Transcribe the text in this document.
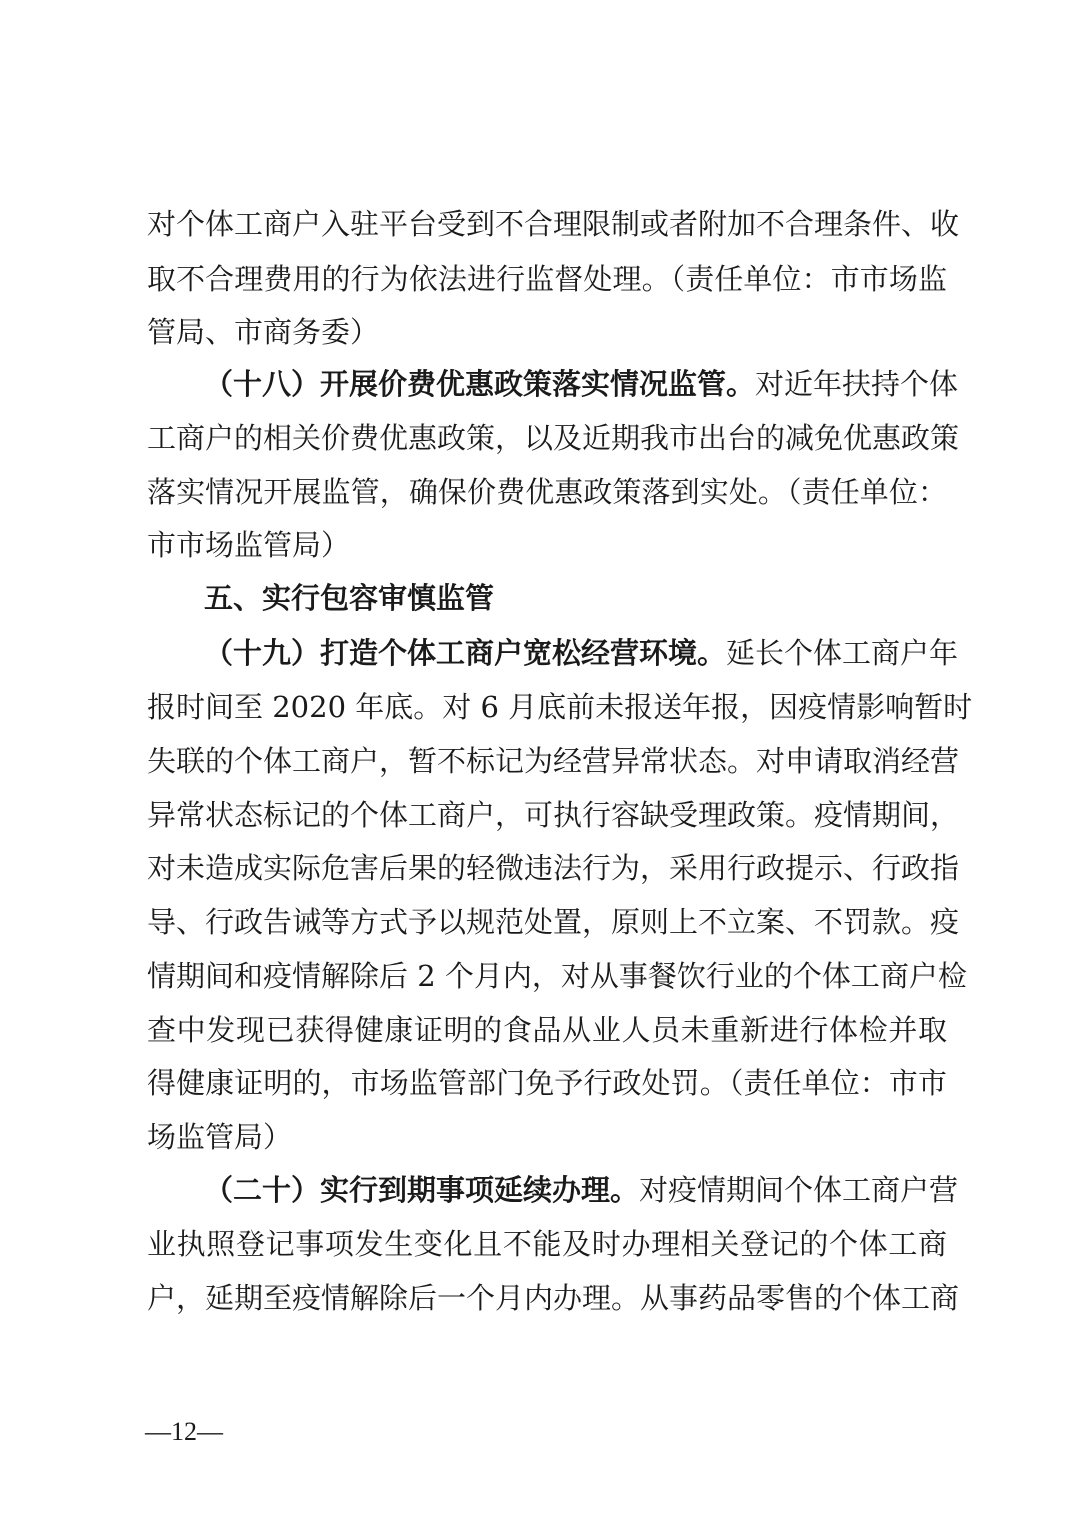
对个体工商户入驻平台受到不合理限制或者附加不合理条件、收
取不合理费用的行为依法进行监督处理。（责任单位：市市场监
管局、市商务委）
（十八）开展价费优惠政策落实情况监管。对近年扶持个体
工商户的相关价费优惠政策，以及近期我市出台的减免优惠政策
落实情况开展监管，确保价费优惠政策落到实处。（责任单位：
市市场监管局）
五、实行包容审慎监管
（十九）打造个体工商户宽松经营环境。延长个体工商户年
报时间至 2020 年底。对 6 月底前未报送年报，因疫情影响暂时
失联的个体工商户，暂不标记为经营异常状态。对申请取消经营
异常状态标记的个体工商户，可执行容缺受理政策。疫情期间，
对未造成实际危害后果的轻微违法行为，采用行政提示、行政指
导、行政告诫等方式予以规范处置，原则上不立案、不罚款。疫
情期间和疫情解除后 2 个月内，对从事餐饮行业的个体工商户检
查中发现已获得健康证明的食品从业人员未重新进行体检并取
得健康证明的，市场监管部门免予行政处罚。（责任单位：市市
场监管局）
（二十）实行到期事项延续办理。对疫情期间个体工商户营
业执照登记事项发生变化且不能及时办理相关登记的个体工商
户，延期至疫情解除后一个月内办理。从事药品零售的个体工商
—12—
